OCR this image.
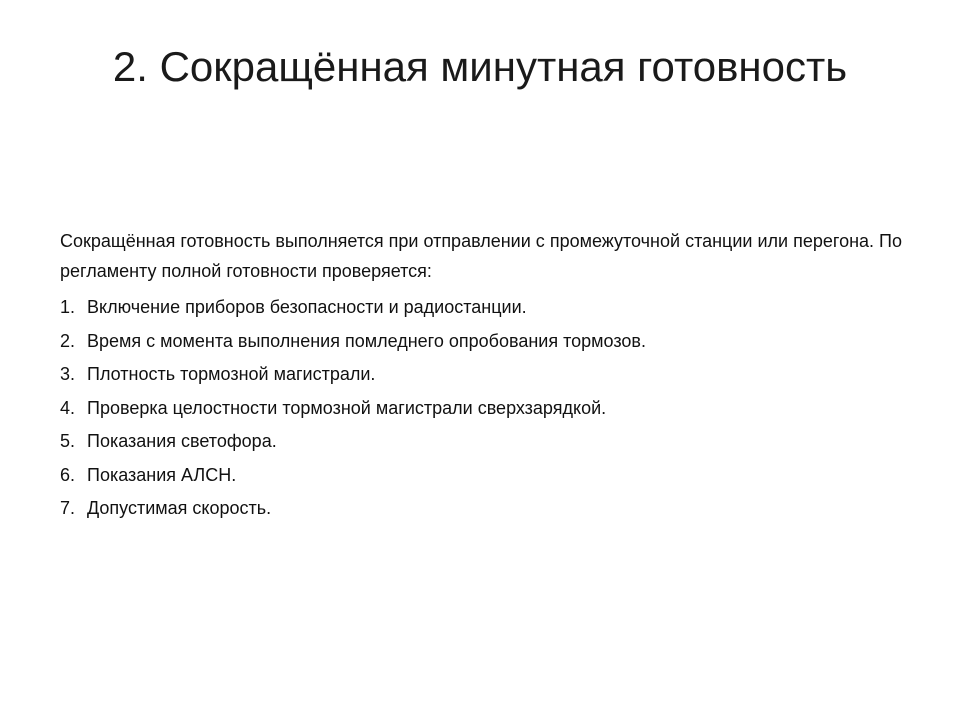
2. Сокращённая минутная готовность

Сокращённая готовность выполняется при отправлении с промежуточной станции или перегона. По регламенту полной готовности проверяется:

1. Включение приборов безопасности и радиостанции.
2. Время с момента выполнения помледнего опробования тормозов.
3. Плотность тормозной магистрали.
4. Проверка целостности тормозной магистрали сверхзарядкой.
5. Показания светофора.
6. Показания АЛСН.
7. Допустимая скорость.
